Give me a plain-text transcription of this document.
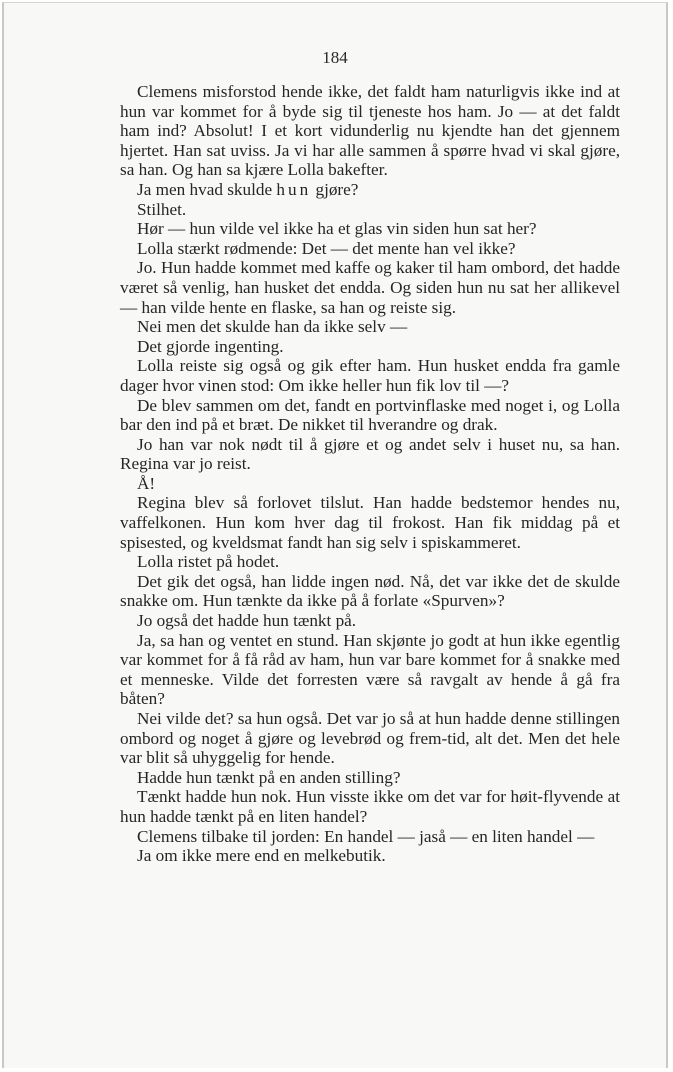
184

Clemens misforstod hende ikke, det faldt ham naturligvis ikke ind at hun var kommet for å byde sig til tjeneste hos ham. Jo — at det faldt ham ind? Absolut! I et kort vidunderlig nu kjendte han det gjennem hjertet. Han sat uviss. Ja vi har alle sammen å spørre hvad vi skal gjøre, sa han. Og han sa kjære Lolla bakefter.

Ja men hvad skulde hun gjøre?

Stilhet.

Hør — hun vilde vel ikke ha et glas vin siden hun sat her?

Lolla stærkt rødmende: Det — det mente han vel ikke?

Jo. Hun hadde kommet med kaffe og kaker til ham ombord, det hadde været så venlig, han husket det endda. Og siden hun nu sat her allikevel — han vilde hente en flaske, sa han og reiste sig.

Nei men det skulde han da ikke selv —

Det gjorde ingenting.

Lolla reiste sig også og gik efter ham. Hun husket endda fra gamle dager hvor vinen stod: Om ikke heller hun fik lov til —?

De blev sammen om det, fandt en portvinflaske med noget i, og Lolla bar den ind på et bræt. De nikket til hverandre og drak.

Jo han var nok nødt til å gjøre et og andet selv i huset nu, sa han. Regina var jo reist.

Å!

Regina blev så forlovet tilslut. Han hadde bedstemor hendes nu, vaffelkonen. Hun kom hver dag til frokost. Han fik middag på et spisested, og kveldsmat fandt han sig selv i spiskammeret.

Lolla ristet på hodet.

Det gik det også, han lidde ingen nød. Nå, det var ikke det de skulde snakke om. Hun tænkte da ikke på å forlate «Spurven»?

Jo også det hadde hun tænkt på.

Ja, sa han og ventet en stund. Han skjønte jo godt at hun ikke egentlig var kommet for å få råd av ham, hun var bare kommet for å snakke med et menneske. Vilde det forresten være så ravgalt av hende å gå fra båten?

Nei vilde det? sa hun også. Det var jo så at hun hadde denne stillingen ombord og noget å gjøre og levebrød og frem-tid, alt det. Men det hele var blit så uhyggelig for hende.

Hadde hun tænkt på en anden stilling?

Tænkt hadde hun nok. Hun visste ikke om det var for høit-flyvende at hun hadde tænkt på en liten handel?

Clemens tilbake til jorden: En handel — jaså — en liten handel —

Ja om ikke mere end en melkebutik.
